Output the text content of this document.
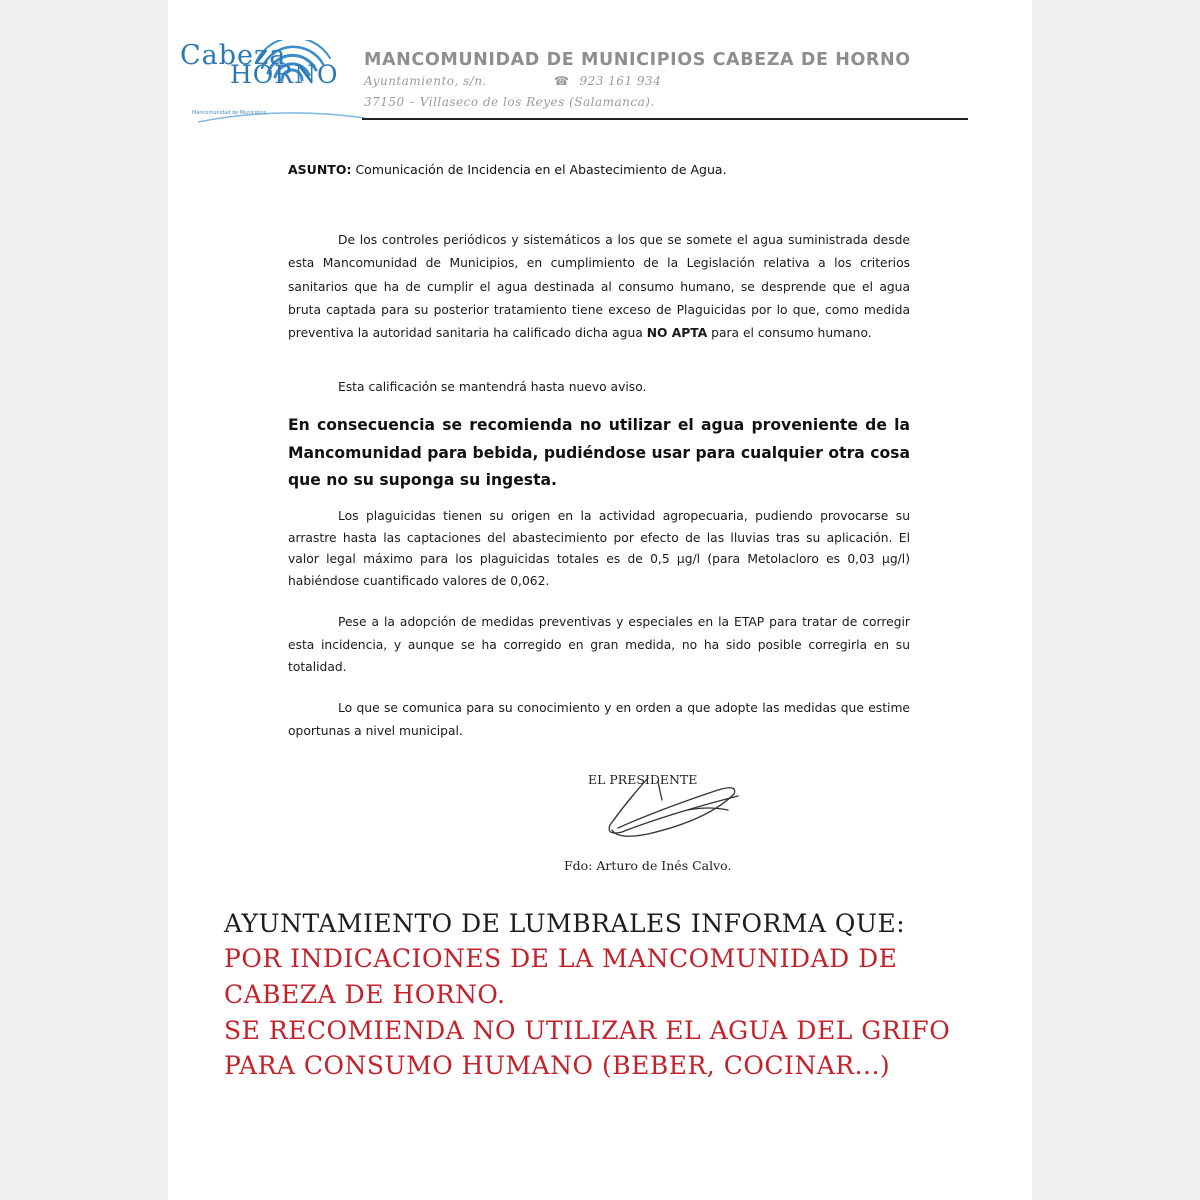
Cabeza
HORNO
Mancomunidad de Municipios
MANCOMUNIDAD DE MUNICIPIOS CABEZA DE HORNO
Ayuntamiento, s/n.	☎ 923 161 934
37150 – Villaseco de los Reyes (Salamanca).
ASUNTO: Comunicación de Incidencia en el Abastecimiento de Agua.

De los controles periódicos y sistemáticos a los que se somete el agua suministrada desde esta Mancomunidad de Municipios, en cumplimiento de la Legislación relativa a los criterios sanitarios que ha de cumplir el agua destinada al consumo humano, se desprende que el agua bruta captada para su posterior tratamiento tiene exceso de Plaguicidas por lo que, como medida preventiva la autoridad sanitaria ha calificado dicha agua NO APTA para el consumo humano.

Esta calificación se mantendrá hasta nuevo aviso.

En consecuencia se recomienda no utilizar el agua proveniente de la Mancomunidad para bebida, pudiéndose usar para cualquier otra cosa que no su suponga su ingesta.

Los plaguicidas tienen su origen en la actividad agropecuaria, pudiendo provocarse su arrastre hasta las captaciones del abastecimiento por efecto de las lluvias tras su aplicación. El valor legal máximo para los plaguicidas totales es de 0,5 µg/l (para Metolacloro es 0,03 µg/l) habiéndose cuantificado valores de 0,062.

Pese a la adopción de medidas preventivas y especiales en la ETAP para tratar de corregir esta incidencia, y aunque se ha corregido en gran medida, no ha sido posible corregirla en su totalidad.

Lo que se comunica para su conocimiento y en orden a que adopte las medidas que estime oportunas a nivel municipal.

EL PRESIDENTE
Fdo: Arturo de Inés Calvo.
AYUNTAMIENTO DE LUMBRALES INFORMA QUE:
POR INDICACIONES DE LA MANCOMUNIDAD DE
CABEZA DE HORNO.
SE RECOMIENDA NO UTILIZAR EL AGUA DEL GRIFO
PARA CONSUMO HUMANO (BEBER, COCINAR...)
